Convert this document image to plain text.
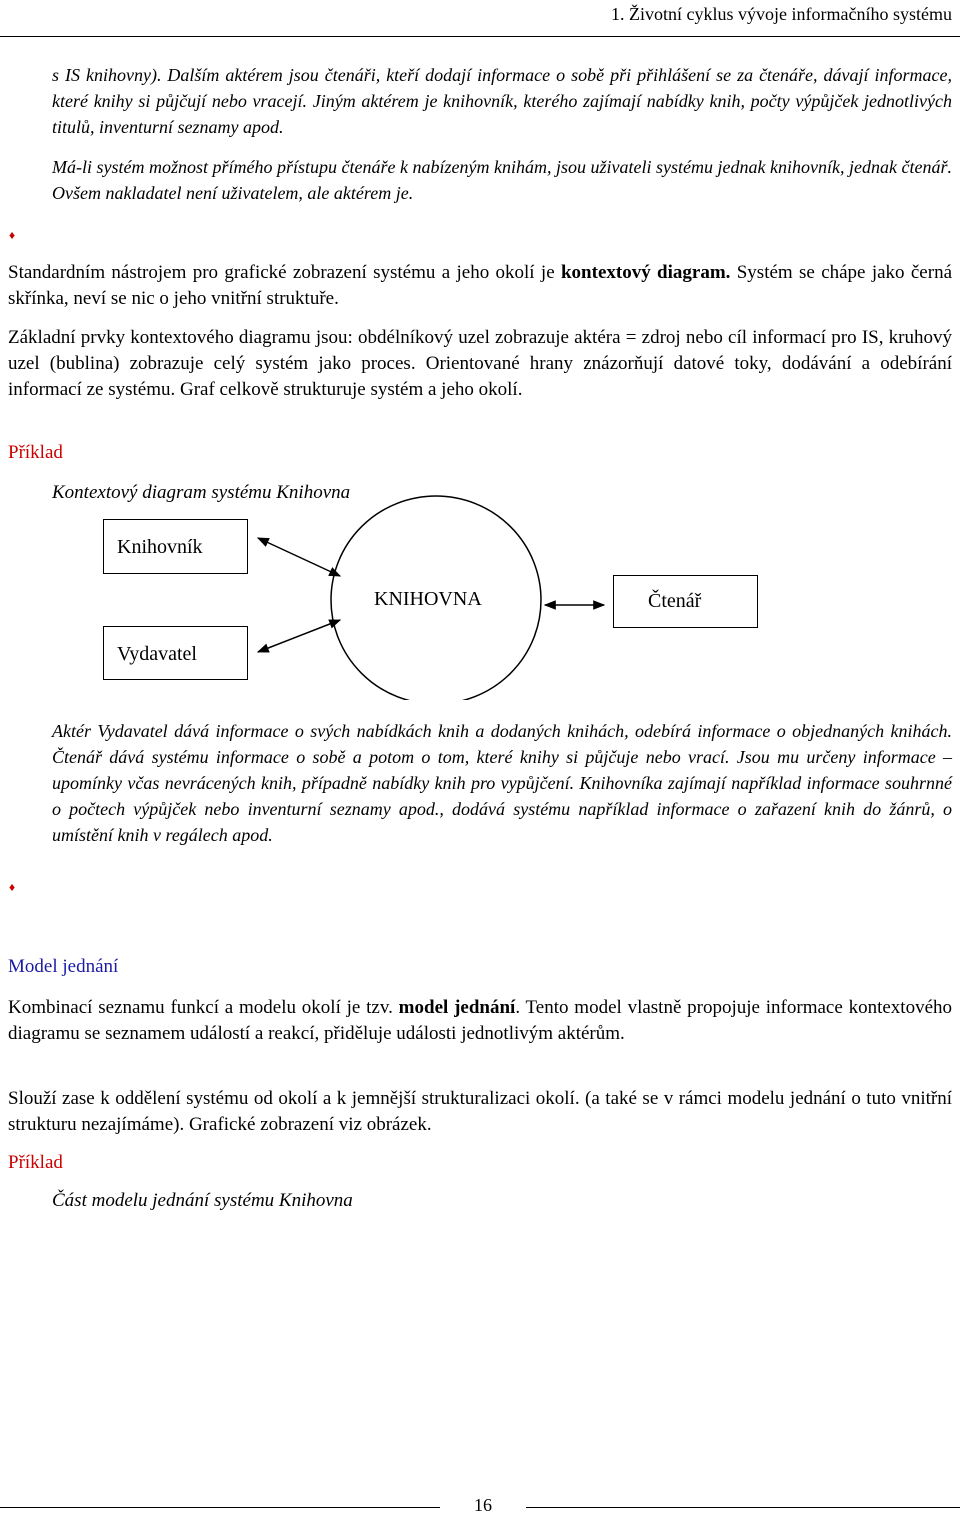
1. Životní cyklus vývoje informačního systému
s IS knihovny). Dalším aktérem jsou čtenáři, kteří dodají informace o sobě při přihlášení se za čtenáře, dávají informace, které knihy si půjčují nebo vracejí. Jiným aktérem je knihovník, kterého zajímají nabídky knih, počty výpůjček jednotlivých titulů, inventurní seznamy apod.
Má-li systém možnost přímého přístupu čtenáře k nabízeným knihám, jsou uživateli systému jednak knihovník, jednak čtenář. Ovšem nakladatel není uživatelem, ale aktérem je.
♦
Standardním nástrojem pro grafické zobrazení systému a jeho okolí je kontextový diagram. Systém se chápe jako černá skřínka, neví se nic o jeho vnitřní struktuře.
Základní prvky kontextového diagramu jsou: obdélníkový uzel zobrazuje aktéra = zdroj nebo cíl informací pro IS, kruhový uzel (bublina) zobrazuje celý systém jako proces. Orientované hrany znázorňují datové toky, dodávání a odebírání informací ze systému. Graf celkově strukturuje systém a jeho okolí.
Příklad
Kontextový diagram systému Knihovna
Knihovník
Vydavatel
KNIHOVNA	Čtenář
Aktér Vydavatel dává informace o svých nabídkách knih a dodaných knihách, odebírá informace o objednaných knihách. Čtenář dává systému informace o sobě a potom o tom, které knihy si půjčuje nebo vrací. Jsou mu určeny informace – upomínky včas nevrácených knih, případně nabídky knih pro vypůjčení. Knihovníka zajímají například informace souhrnné o počtech výpůjček nebo inventurní seznamy apod., dodává systému například informace o zařazení knih do žánrů, o umístění knih v regálech apod.
♦
Model jednání
Kombinací seznamu funkcí a modelu okolí je tzv. model jednání. Tento model vlastně propojuje informace kontextového diagramu se seznamem událostí a reakcí, přiděluje události jednotlivým aktérům.
Slouží zase k oddělení systému od okolí a k jemnější strukturalizaci okolí. (a také se v rámci modelu jednání o tuto vnitřní strukturu nezajímáme). Grafické zobrazení viz obrázek.
Příklad
Část modelu jednání systému Knihovna
16
